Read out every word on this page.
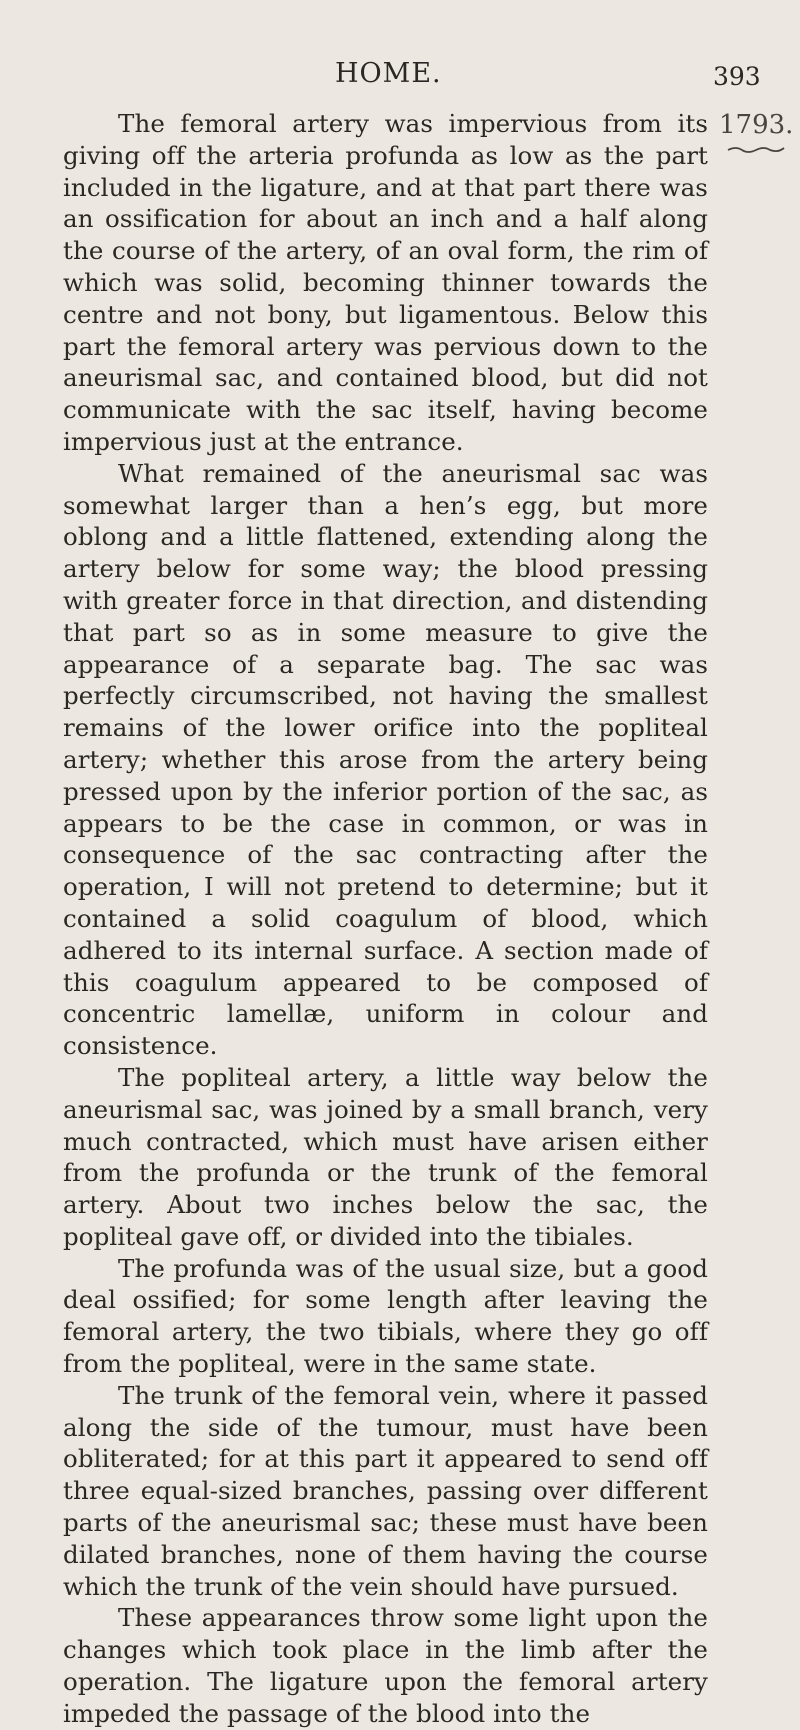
HOME.	393
1793.

The femoral artery was impervious from its giving off the arteria profunda as low as the part included in the ligature, and at that part there was an ossification for about an inch and a half along the course of the artery, of an oval form, the rim of which was solid, becoming thinner towards the centre and not bony, but ligamentous. Below this part the femoral artery was pervious down to the aneurismal sac, and contained blood, but did not communicate with the sac itself, having become impervious just at the entrance.

What remained of the aneurismal sac was somewhat larger than a hen’s egg, but more oblong and a little flattened, extending along the artery below for some way; the blood pressing with greater force in that direction, and distending that part so as in some measure to give the appearance of a separate bag. The sac was perfectly circumscribed, not having the smallest remains of the lower orifice into the popliteal artery; whether this arose from the artery being pressed upon by the inferior portion of the sac, as appears to be the case in common, or was in consequence of the sac contracting after the operation, I will not pretend to determine; but it contained a solid coagulum of blood, which adhered to its internal surface. A section made of this coagulum appeared to be composed of concentric lamellæ, uniform in colour and consistence.

The popliteal artery, a little way below the aneurismal sac, was joined by a small branch, very much contracted, which must have arisen either from the profunda or the trunk of the femoral artery. About two inches below the sac, the popliteal gave off, or divided into the tibiales.

The profunda was of the usual size, but a good deal ossified; for some length after leaving the femoral artery, the two tibials, where they go off from the popliteal, were in the same state.

The trunk of the femoral vein, where it passed along the side of the tumour, must have been obliterated; for at this part it appeared to send off three equal-sized branches, passing over different parts of the aneurismal sac; these must have been dilated branches, none of them having the course which the trunk of the vein should have pursued.

These appearances throw some light upon the changes which took place in the limb after the operation. The ligature upon the femoral artery impeded the passage of the blood into the
